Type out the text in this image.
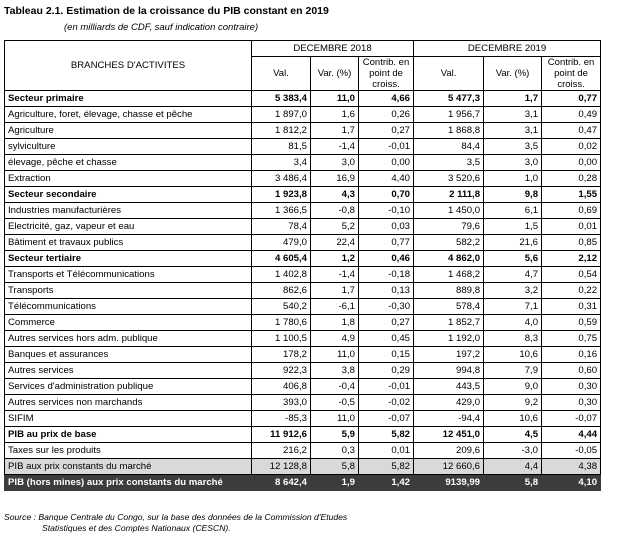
Tableau 2.1. Estimation de la croissance du PIB constant en 2019
(en milliards de CDF, sauf indication contraire)
BRANCHES D'ACTIVITES	DECEMBRE 2018			DECEMBRE 2019		
	Val.	Var. (%)	Contrib. en point de croiss.	Val.	Var. (%)	Contrib. en point de croiss.
Secteur primaire	5 383,4	11,0	4,66	5 477,3	1,7	0,77
Agriculture, foret, élevage, chasse et pêche	1 897,0	1,6	0,26	1 956,7	3,1	0,49
Agriculture	1 812,2	1,7	0,27	1 868,8	3,1	0,47
sylviculture	81,5	-1,4	-0,01	84,4	3,5	0,02
élevage, pêche et chasse	3,4	3,0	0,00	3,5	3,0	0,00
Extraction	3 486,4	16,9	4,40	3 520,6	1,0	0,28
Secteur secondaire	1 923,8	4,3	0,70	2 111,8	9,8	1,55
Industries manufacturières	1 366,5	-0,8	-0,10	1 450,0	6,1	0,69
Electricité, gaz, vapeur et eau	78,4	5,2	0,03	79,6	1,5	0,01
Bâtiment et travaux publics	479,0	22,4	0,77	582,2	21,6	0,85
Secteur tertiaire	4 605,4	1,2	0,46	4 862,0	5,6	2,12
Transports et Télécommunications	1 402,8	-1,4	-0,18	1 468,2	4,7	0,54
Transports	862,6	1,7	0,13	889,8	3,2	0,22
Télécommunications	540,2	-6,1	-0,30	578,4	7,1	0,31
Commerce	1 780,6	1,8	0,27	1 852,7	4,0	0,59
Autres services hors adm. publique	1 100,5	4,9	0,45	1 192,0	8,3	0,75
Banques et assurances	178,2	11,0	0,15	197,2	10,6	0,16
Autres services	922,3	3,8	0,29	994,8	7,9	0,60
Services d'administration publique	406,8	-0,4	-0,01	443,5	9,0	0,30
Autres services non marchands	393,0	-0,5	-0,02	429,0	9,2	0,30
SIFIM	-85,3	11,0	-0,07	-94,4	10,6	-0,07
PIB au prix de base	11 912,6	5,9	5,82	12 451,0	4,5	4,44
Taxes sur les produits	216,2	0,3	0,01	209,6	-3,0	-0,05
PIB aux prix constants du marché	12 128,8	5,8	5,82	12 660,6	4,4	4,38
PIB (hors mines) aux prix constants du marché	8 642,4	1,9	1,42	9139,99	5,8	4,10
Source : Banque Centrale du Congo, sur la base des données de la Commission d'Etudes
Statistiques et des Comptes Nationaux (CESCN).
